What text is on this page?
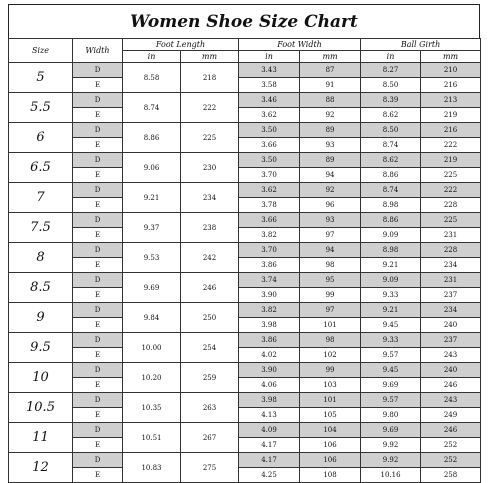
Women Shoe Size Chart
Size	Width	Foot Length		Foot Width		Ball Girth	
		in	mm	in	mm	in	mm
5	D	8.58	218	3.43	87	8.27	210
	E			3.58	91	8.50	216
5.5	D	8.74	222	3.46	88	8.39	213
	E			3.62	92	8.62	219
6	D	8.86	225	3.50	89	8.50	216
	E			3.66	93	8.74	222
6.5	D	9.06	230	3.50	89	8.62	219
	E			3.70	94	8.86	225
7	D	9.21	234	3.62	92	8.74	222
	E			3.78	96	8.98	228
7.5	D	9.37	238	3.66	93	8.86	225
	E			3.82	97	9.09	231
8	D	9.53	242	3.70	94	8.98	228
	E			3.86	98	9.21	234
8.5	D	9.69	246	3.74	95	9.09	231
	E			3.90	99	9.33	237
9	D	9.84	250	3.82	97	9.21	234
	E			3.98	101	9.45	240
9.5	D	10.00	254	3.86	98	9.33	237
	E			4.02	102	9.57	243
10	D	10.20	259	3.90	99	9.45	240
	E			4.06	103	9.69	246
10.5	D	10.35	263	3.98	101	9.57	243
	E			4.13	105	9.80	249
11	D	10.51	267	4.09	104	9.69	246
	E			4.17	106	9.92	252
12	D	10.83	275	4.17	106	9.92	252
	E			4.25	108	10.16	258
